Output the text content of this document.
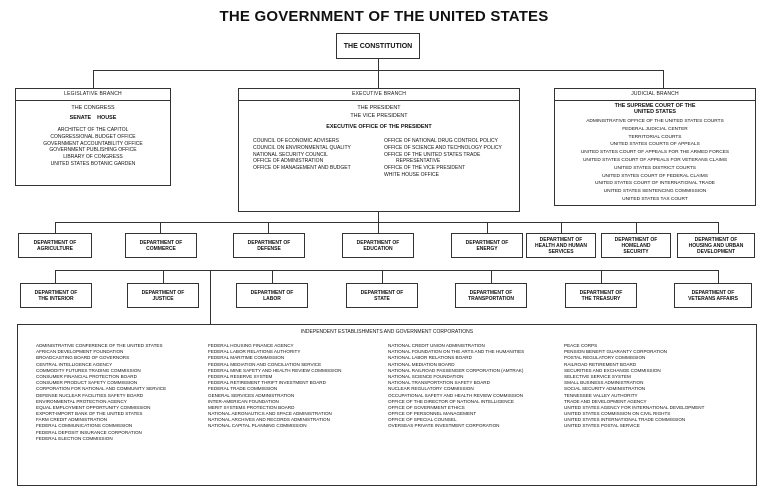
THE GOVERNMENT OF THE UNITED STATES
THE CONSTITUTION
LEGISLATIVE BRANCH
THE CONGRESS
SENATE    HOUSE
ARCHITECT OF THE CAPITOL
CONGRESSIONAL BUDGET OFFICE
GOVERNMENT ACCOUNTABILITY OFFICE
GOVERNMENT PUBLISHING OFFICE
LIBRARY OF CONGRESS
UNITED STATES BOTANIC GARDEN
EXECUTIVE BRANCH
THE PRESIDENT
THE VICE PRESIDENT
EXECUTIVE OFFICE OF THE PRESIDENT
COUNCIL OF ECONOMIC ADVISERS
COUNCIL ON ENVIRONMENTAL QUALITY
NATIONAL SECURITY COUNCIL
OFFICE OF ADMINISTRATION
OFFICE OF MANAGEMENT AND BUDGET
OFFICE OF NATIONAL DRUG CONTROL POLICY
OFFICE OF SCIENCE AND TECHNOLOGY POLICY
OFFICE OF THE UNITED STATES TRADE
REPRESENTATIVE
OFFICE OF THE VICE PRESIDENT
WHITE HOUSE OFFICE
JUDICIAL BRANCH
THE SUPREME COURT OF THE
UNITED STATES
ADMINISTRATIVE OFFICE OF THE UNITED STATES COURTS
FEDERAL JUDICIAL CENTER
TERRITORIAL COURTS
UNITED STATES COURTS OF APPEALS
UNITED STATES COURT OF APPEALS FOR THE ARMED FORCES
UNITED STATES COURT OF APPEALS FOR VETERANS CLAIMS
UNITED STATES DISTRICT COURTS
UNITED STATES COURT OF FEDERAL CLAIMS
UNITED STATES COURT OF INTERNATIONAL TRADE
UNITED STATES SENTENCING COMMISSION
UNITED STATES TAX COURT
DEPARTMENT OF
AGRICULTURE
DEPARTMENT OF
COMMERCE
DEPARTMENT OF
DEFENSE
DEPARTMENT OF
EDUCATION
DEPARTMENT OF
ENERGY
DEPARTMENT OF
HEALTH AND HUMAN
SERVICES
DEPARTMENT OF
HOMELAND
SECURITY
DEPARTMENT OF
HOUSING AND URBAN
DEVELOPMENT
DEPARTMENT OF
THE INTERIOR
DEPARTMENT OF
JUSTICE
DEPARTMENT OF
LABOR
DEPARTMENT OF
STATE
DEPARTMENT OF
TRANSPORTATION
DEPARTMENT OF
THE TREASURY
DEPARTMENT OF
VETERANS AFFAIRS
INDEPENDENT ESTABLISHMENTS AND GOVERNMENT CORPORATIONS
ADMINISTRATIVE CONFERENCE OF THE UNITED STATES
AFRICAN DEVELOPMENT FOUNDATION
BROADCASTING BOARD OF GOVERNORS
CENTRAL INTELLIGENCE AGENCY
COMMODITY FUTURES TRADING COMMISSION
CONSUMER FINANCIAL PROTECTION BOARD
CONSUMER PRODUCT SAFETY COMMISSION
CORPORATION FOR NATIONAL AND COMMUNITY SERVICE
DEFENSE NUCLEAR FACILITIES SAFETY BOARD
ENVIRONMENTAL PROTECTION AGENCY
EQUAL EMPLOYMENT OPPORTUNITY COMMISSION
EXPORT-IMPORT BANK OF THE UNITED STATES
FARM CREDIT ADMINISTRATION
FEDERAL COMMUNICATIONS COMMISSION
FEDERAL DEPOSIT INSURANCE CORPORATION
FEDERAL ELECTION COMMISSION
FEDERAL HOUSING FINANCE AGENCY
FEDERAL LABOR RELATIONS AUTHORITY
FEDERAL MARITIME COMMISSION
FEDERAL MEDIATION AND CONCILIATION SERVICE
FEDERAL MINE SAFETY AND HEALTH REVIEW COMMISSION
FEDERAL RESERVE SYSTEM
FEDERAL RETIREMENT THRIFT INVESTMENT BOARD
FEDERAL TRADE COMMISSION
GENERAL SERVICES ADMINISTRATION
INTER-AMERICAN FOUNDATION
MERIT SYSTEMS PROTECTION BOARD
NATIONAL AERONAUTICS AND SPACE ADMINISTRATION
NATIONAL ARCHIVES AND RECORDS ADMINISTRATION
NATIONAL CAPITAL PLANNING COMMISSION
NATIONAL CREDIT UNION ADMINISTRATION
NATIONAL FOUNDATION ON THE ARTS AND THE HUMANITIES
NATIONAL LABOR RELATIONS BOARD
NATIONAL MEDIATION BOARD
NATIONAL RAILROAD PASSENGER CORPORATION (AMTRAK)
NATIONAL SCIENCE FOUNDATION
NATIONAL TRANSPORTATION SAFETY BOARD
NUCLEAR REGULATORY COMMISSION
OCCUPATIONAL SAFETY AND HEALTH REVIEW COMMISSION
OFFICE OF THE DIRECTOR OF NATIONAL INTELLIGENCE
OFFICE OF GOVERNMENT ETHICS
OFFICE OF PERSONNEL MANAGEMENT
OFFICE OF SPECIAL COUNSEL
OVERSEAS PRIVATE INVESTMENT CORPORATION
PEACE CORPS
PENSION BENEFIT GUARANTY CORPORATION
POSTAL REGULATORY COMMISSION
RAILROAD RETIREMENT BOARD
SECURITIES AND EXCHANGE COMMISSION
SELECTIVE SERVICE SYSTEM
SMALL BUSINESS ADMINISTRATION
SOCIAL SECURITY ADMINISTRATION
TENNESSEE VALLEY AUTHORITY
TRADE AND DEVELOPMENT AGENCY
UNITED STATES AGENCY FOR INTERNATIONAL DEVELOPMENT
UNITED STATES COMMISSION ON CIVIL RIGHTS
UNITED STATES INTERNATIONAL TRADE COMMISSION
UNITED STATES POSTAL SERVICE
